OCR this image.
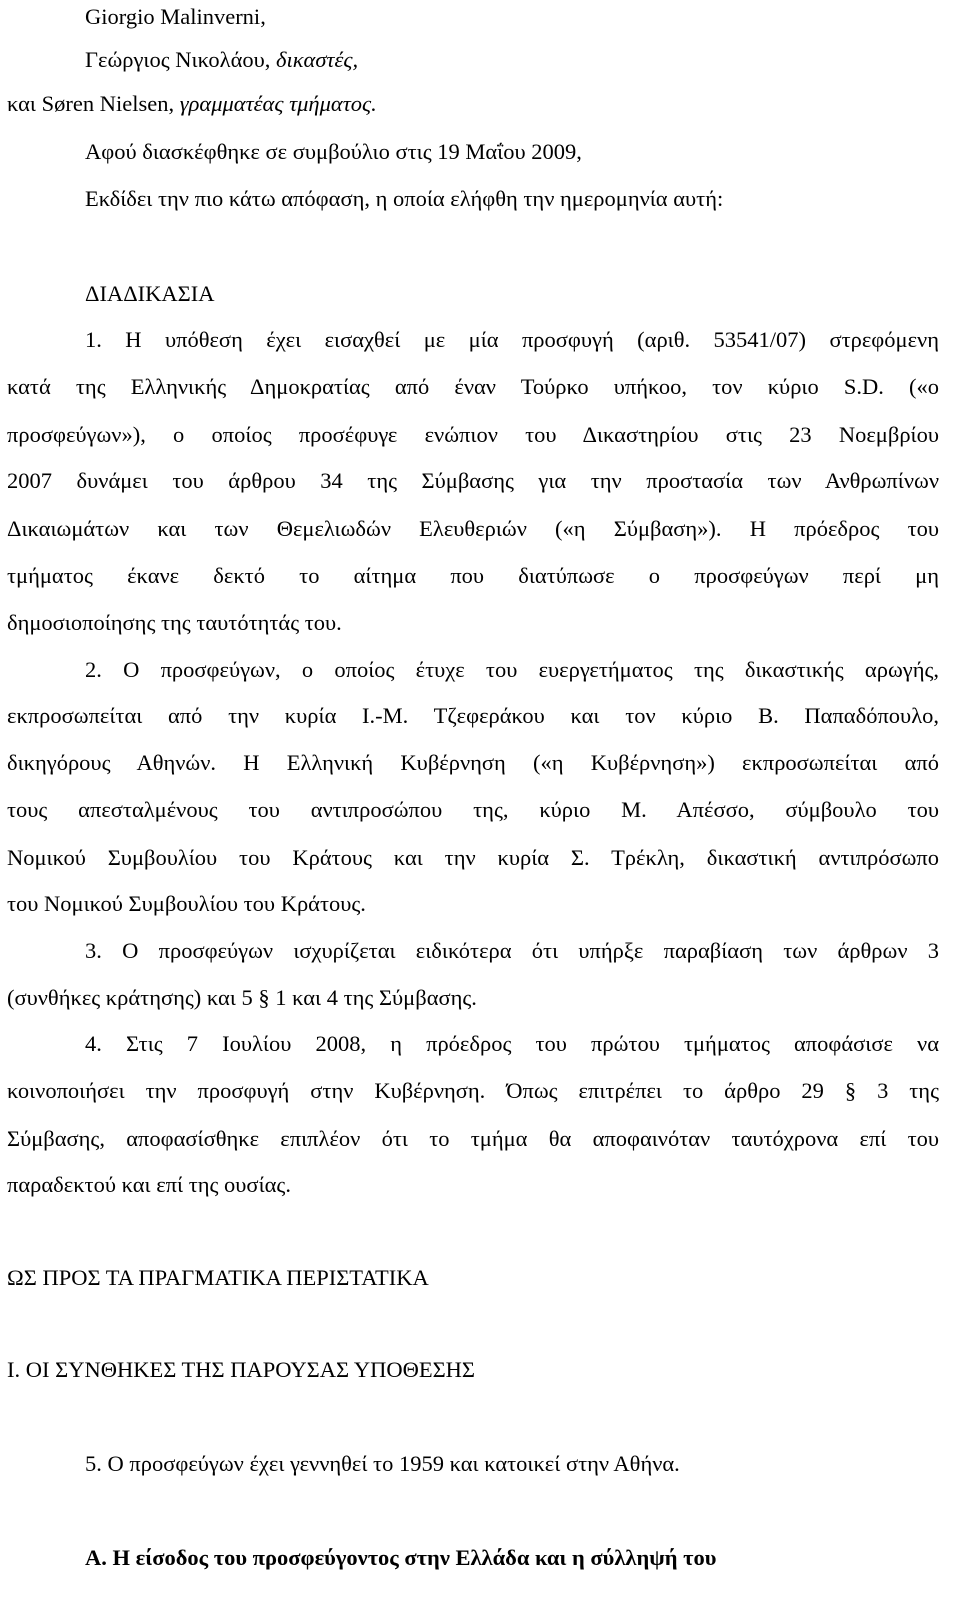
Giorgio Malinverni,
Γεώργιος Νικολάου, δικαστές,
και Søren Nielsen, γραμματέας τμήματος.
Αφού διασκέφθηκε σε συμβούλιο στις 19 Μαΐου 2009,
Εκδίδει την πιο κάτω απόφαση, η οποία ελήφθη την ημερομηνία αυτή:
ΔΙΑΔΙΚΑΣΙΑ
1. Η υπόθεση έχει εισαχθεί με μία προσφυγή (αριθ. 53541/07) στρεφόμενη
κατά της Ελληνικής Δημοκρατίας από έναν Τούρκο υπήκοο, τον κύριο S.D. («ο
προσφεύγων»), ο οποίος προσέφυγε ενώπιον του Δικαστηρίου στις 23 Νοεμβρίου
2007 δυνάμει του άρθρου 34 της Σύμβασης για την προστασία των Ανθρωπίνων
Δικαιωμάτων και των Θεμελιωδών Ελευθεριών («η Σύμβαση»). Η πρόεδρος του
τμήματος έκανε δεκτό το αίτημα που διατύπωσε ο προσφεύγων περί μη
δημοσιοποίησης της ταυτότητάς του.
2. Ο προσφεύγων, ο οποίος έτυχε του ευεργετήματος της δικαστικής αρωγής,
εκπροσωπείται από την κυρία Ι.-Μ. Τζεφεράκου και τον κύριο Β. Παπαδόπουλο,
δικηγόρους Αθηνών. Η Ελληνική Κυβέρνηση («η Κυβέρνηση») εκπροσωπείται από
τους απεσταλμένους του αντιπροσώπου της, κύριο Μ. Απέσσο, σύμβουλο του
Νομικού Συμβουλίου του Κράτους και την κυρία Σ. Τρέκλη, δικαστική αντιπρόσωπο
του Νομικού Συμβουλίου του Κράτους.
3. Ο προσφεύγων ισχυρίζεται ειδικότερα ότι υπήρξε παραβίαση των άρθρων 3
(συνθήκες κράτησης) και 5 § 1 και 4 της Σύμβασης.
4. Στις 7 Ιουλίου 2008, η πρόεδρος του πρώτου τμήματος αποφάσισε να
κοινοποιήσει την προσφυγή στην Κυβέρνηση. Όπως επιτρέπει το άρθρο 29 § 3 της
Σύμβασης, αποφασίσθηκε επιπλέον ότι το τμήμα θα αποφαινόταν ταυτόχρονα επί του
παραδεκτού και επί της ουσίας.
ΩΣ ΠΡΟΣ ΤΑ ΠΡΑΓΜΑΤΙΚΑ ΠΕΡΙΣΤΑΤΙΚΑ
Ι. ΟΙ ΣΥΝΘΗΚΕΣ ΤΗΣ ΠΑΡΟΥΣΑΣ ΥΠΟΘΕΣΗΣ
5. Ο προσφεύγων έχει γεννηθεί το 1959 και κατοικεί στην Αθήνα.
A. Η είσοδος του προσφεύγοντος στην Ελλάδα και η σύλληψή του
